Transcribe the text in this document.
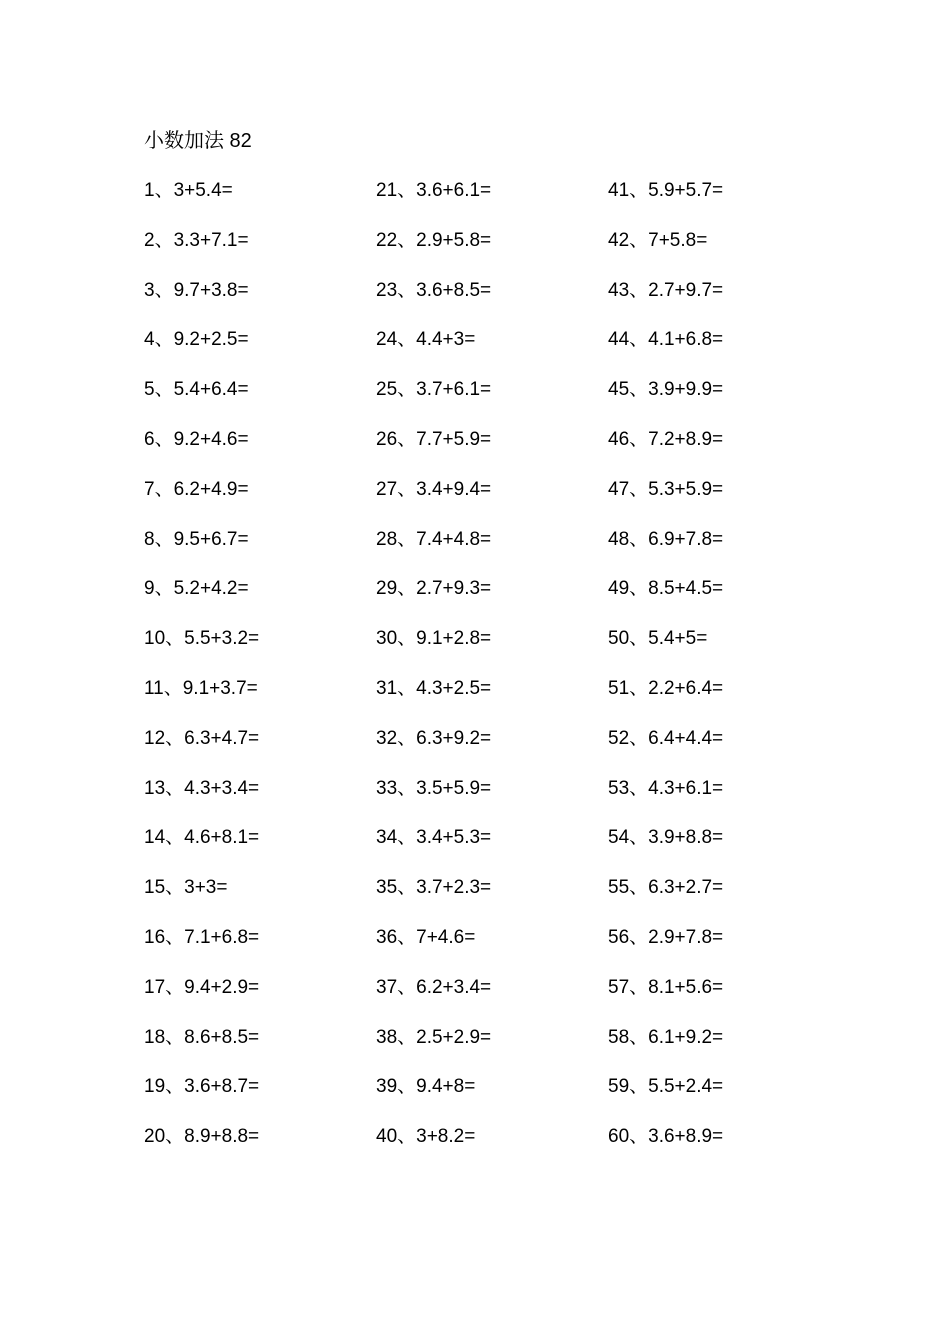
小数加法 82
1、3+5.4=
2、3.3+7.1=
3、9.7+3.8=
4、9.2+2.5=
5、5.4+6.4=
6、9.2+4.6=
7、6.2+4.9=
8、9.5+6.7=
9、5.2+4.2=
10、5.5+3.2=
11、9.1+3.7=
12、6.3+4.7=
13、4.3+3.4=
14、4.6+8.1=
15、3+3=
16、7.1+6.8=
17、9.4+2.9=
18、8.6+8.5=
19、3.6+8.7=
20、8.9+8.8=
21、3.6+6.1=
22、2.9+5.8=
23、3.6+8.5=
24、4.4+3=
25、3.7+6.1=
26、7.7+5.9=
27、3.4+9.4=
28、7.4+4.8=
29、2.7+9.3=
30、9.1+2.8=
31、4.3+2.5=
32、6.3+9.2=
33、3.5+5.9=
34、3.4+5.3=
35、3.7+2.3=
36、7+4.6=
37、6.2+3.4=
38、2.5+2.9=
39、9.4+8=
40、3+8.2=
41、5.9+5.7=
42、7+5.8=
43、2.7+9.7=
44、4.1+6.8=
45、3.9+9.9=
46、7.2+8.9=
47、5.3+5.9=
48、6.9+7.8=
49、8.5+4.5=
50、5.4+5=
51、2.2+6.4=
52、6.4+4.4=
53、4.3+6.1=
54、3.9+8.8=
55、6.3+2.7=
56、2.9+7.8=
57、8.1+5.6=
58、6.1+9.2=
59、5.5+2.4=
60、3.6+8.9=
